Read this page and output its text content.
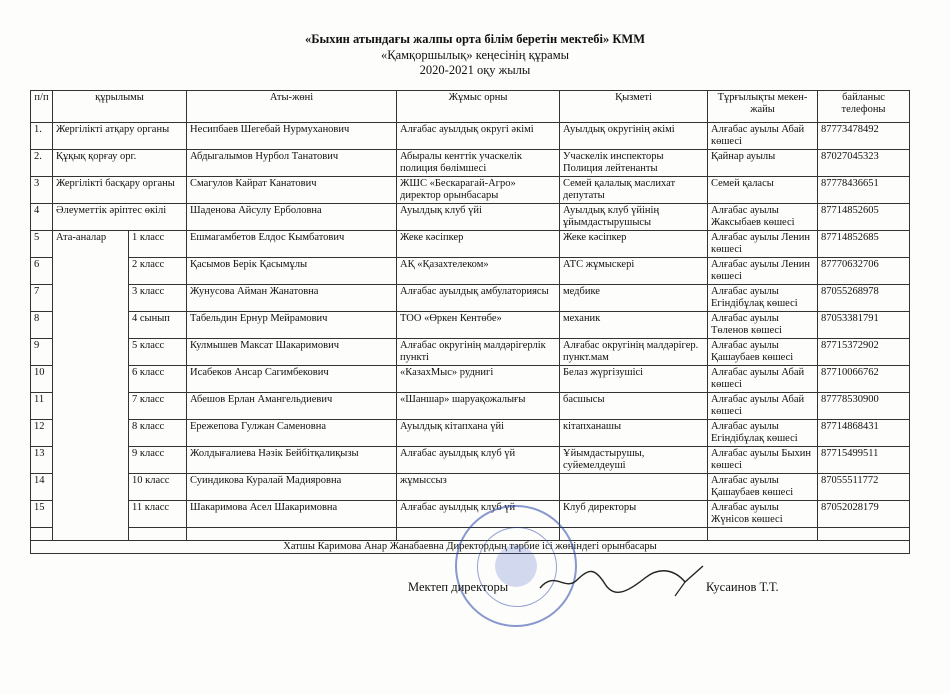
«Быхин атындағы жалпы орта білім беретін мектебі» КММ
«Қамқоршылық» кеңесінің құрамы
2020-2021 оқу жылы
п/п	құрылымы		Аты-жөні	Жұмыс орны	Қызметі	Тұрғылықты мекен-жайы	байланыс телефоны
1.	Жергілікті атқару органы		Несипбаев Шегебай Нурмуханович	Алғабас ауылдық округі әкімі	Ауылдық округінің әкімі	Алғабас ауылы Абай көшесі	87773478492
2.	Құқық қорғау орг.		Абдыгалымов Нурбол Танатович	Абыралы кенттік учаскелік полиция бөлімшесі	Учаскелік инспекторы Полиция лейтенанты	Қайнар ауылы	87027045323
3	Жергілікті басқару органы		Смагулов Кайрат Канатович	ЖШС «Бескарагай-Агро» директор орынбасары	Семей қалалық маслихат депутаты	Семей қаласы	87778436651
4	Әлеуметтік әріптес өкілі		Шаденова Айсулу Ерболовна	Ауылдық клуб үйі	Ауылдық клуб үйінің ұйымдастырушысы	Алғабас ауылы Жаксыбаев көшесі	87714852605
5	Ата-аналар	1 класс	Ешмагамбетов Елдос Кымбатович	Жеке кәсіпкер	Жеке кәсіпкер	Алғабас ауылы Ленин көшесі	87714852685
6		2 класс	Қасымов Берік Қасымұлы	АҚ «Қазахтелеком»	АТС жұмыскері	Алғабас ауылы Ленин көшесі	87770632706
7		3 класс	Жунусова Айман Жанатовна	Алғабас ауылдық амбулаториясы	медбике	Алғабас ауылы Егіндібұлақ көшесі	87055268978
8		4 сынып	Табельдин Ернур Мейрамович	ТОО «Өркен Кентөбе»	механик	Алғабас ауылы Төленов көшесі	87053381791
9		5 класс	Кулмышев Максат Шакаримович	Алғабас округінің малдәрігерлік пункті	Алғабас округінің малдәрігер. пункт.мам	Алғабас ауылы Қашаубаев көшесі	87715372902
10		6 класс	Исабеков Ансар Сагимбекович	«КазахМыс» руднигі	Белаз жүргізушісі	Алғабас ауылы Абай көшесі	87710066762
11		7 класс	Абешов Ерлан Амангельдиевич	«Шаншар» шаруақожалығы	басшысы	Алғабас ауылы Абай көшесі	87778530900
12		8 класс	Ережепова Гулжан Саменовна	Ауылдық кітапхана үйі	кітапханашы	Алғабас ауылы Егіндібұлақ көшесі	87714868431
13		9 класс	Жолдығалиева Нәзік Бейбітқалиқызы	Алғабас ауылдық клуб үй	Ұйымдастырушы, суйемелдеуші	Алғабас ауылы Быхин көшесі	87715499511
14		10 класс	Суиндикова Куралай Мадияровна	жұмыссыз		Алғабас ауылы Қашаубаев көшесі	87055511772
15		11 класс	Шакаримова Асел Шакаримовна	Алғабас ауылдық клуб үй	Клуб директоры	Алғабас ауылы Жүнісов көшесі	87052028179

Хатшы Каримова Анар Жанабаевна Директордың тәрбие ісі жөніндегі орынбасары							
Мектеп директоры	Кусаинов Т.Т.
